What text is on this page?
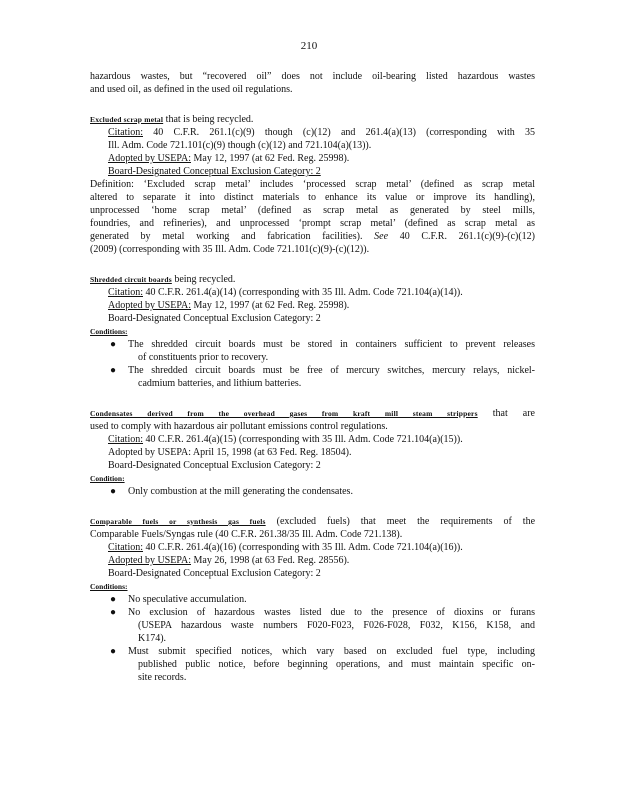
210

hazardous wastes, but “recovered oil” does not include oil-bearing listed hazardous wastes

and used oil, as defined in the used oil regulations.

Excluded scrap metal that is being recycled.

Citation: 40 C.F.R. 261.1(c)(9) though (c)(12) and 261.4(a)(13) (corresponding with 35

Ill. Adm. Code 721.101(c)(9) though (c)(12) and 721.104(a)(13)).

Adopted by USEPA: May 12, 1997 (at 62 Fed. Reg. 25998).

Board-Designated Conceptual Exclusion Category: 2

Definition: ‘Excluded scrap metal’ includes ‘processed scrap metal’ (defined as scrap metal

altered to separate it into distinct materials to enhance its value or improve its handling),

unprocessed ‘home scrap metal’ (defined as scrap metal as generated by steel mills,

foundries, and refineries), and unprocessed ‘prompt scrap metal’ (defined as scrap metal as

generated by metal working and fabrication facilities). See 40 C.F.R. 261.1(c)(9)-(c)(12)

(2009) (corresponding with 35 Ill. Adm. Code 721.101(c)(9)-(c)(12)).

Shredded circuit boards being recycled.

Citation: 40 C.F.R. 261.4(a)(14) (corresponding with 35 Ill. Adm. Code 721.104(a)(14)).

Adopted by USEPA: May 12, 1997 (at 62 Fed. Reg. 25998).

Board-Designated Conceptual Exclusion Category: 2

Conditions:

●	The shredded circuit boards must be stored in containers sufficient to prevent releases

of constituents prior to recovery.

●	The shredded circuit boards must be free of mercury switches, mercury relays, nickel-

cadmium batteries, and lithium batteries.

Condensates derived from the overhead gases from kraft mill steam strippers that are

used to comply with hazardous air pollutant emissions control regulations.

Citation: 40 C.F.R. 261.4(a)(15) (corresponding with 35 Ill. Adm. Code 721.104(a)(15)).

Adopted by USEPA: April 15, 1998 (at 63 Fed. Reg. 18504).

Board-Designated Conceptual Exclusion Category: 2

Condition:

●	Only combustion at the mill generating the condensates.

Comparable fuels or synthesis gas fuels (excluded fuels) that meet the requirements of the

Comparable Fuels/Syngas rule (40 C.F.R. 261.38/35 Ill. Adm. Code 721.138).

Citation: 40 C.F.R. 261.4(a)(16) (corresponding with 35 Ill. Adm. Code 721.104(a)(16)).

Adopted by USEPA: May 26, 1998 (at 63 Fed. Reg. 28556).

Board-Designated Conceptual Exclusion Category: 2

Conditions:

●	No speculative accumulation.

●	No exclusion of hazardous wastes listed due to the presence of dioxins or furans

(USEPA hazardous waste numbers F020-F023, F026-F028, F032, K156, K158, and

K174).

●	Must submit specified notices, which vary based on excluded fuel type, including

published public notice, before beginning operations, and must maintain specific on-

site records.
